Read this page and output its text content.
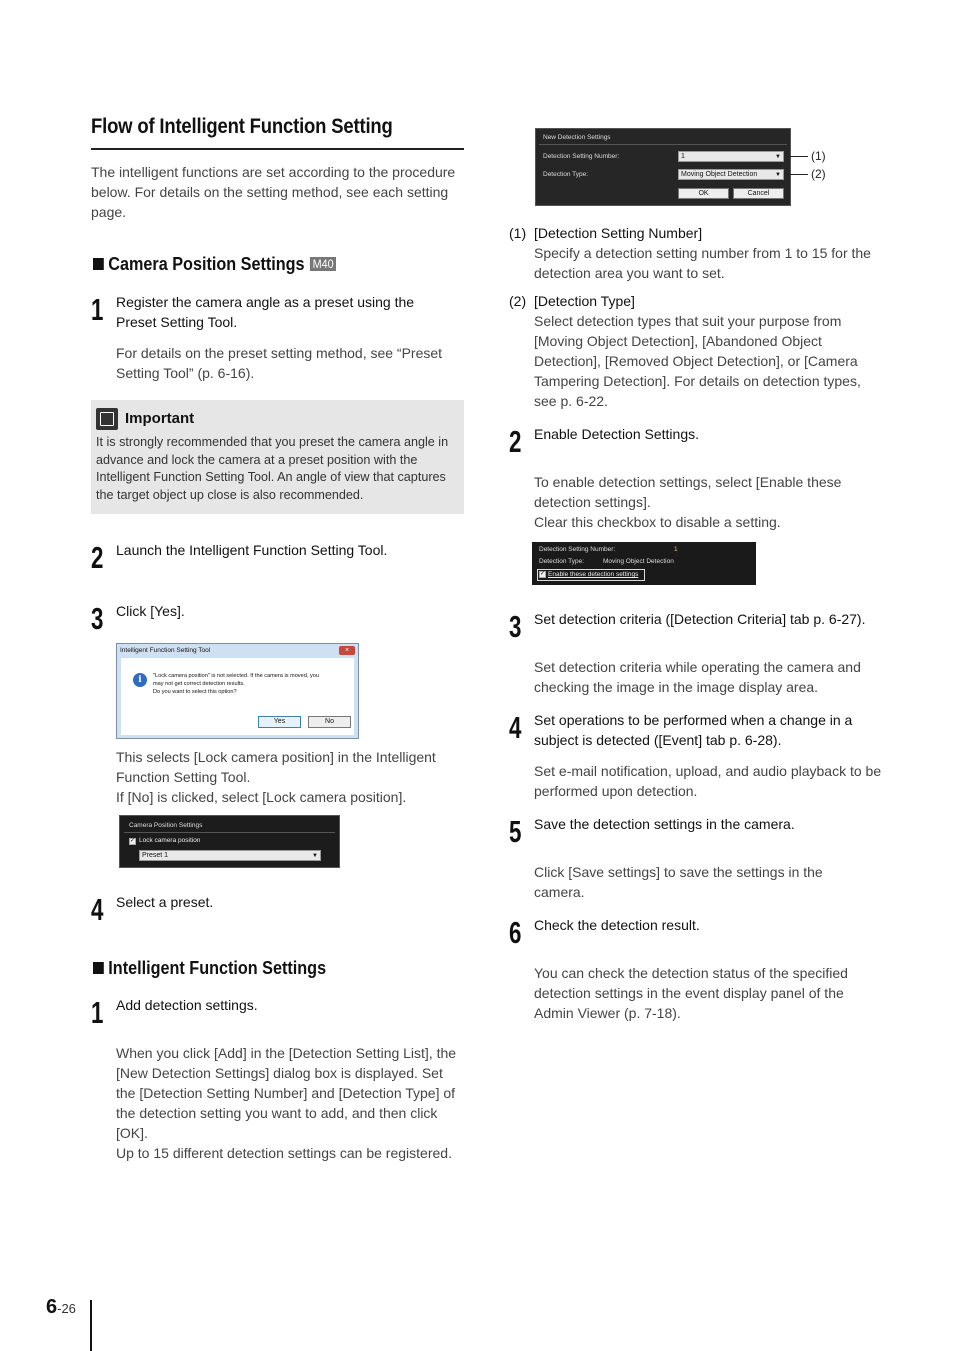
Flow of Intelligent Function Setting
The intelligent functions are set according to the procedure below. For details on the setting method, see each setting page.
Camera Position Settings M40
1 Register the camera angle as a preset using the Preset Setting Tool.
For details on the preset setting method, see “Preset Setting Tool” (p. 6-16).
Important
It is strongly recommended that you preset the camera angle in advance and lock the camera at a preset position with the Intelligent Function Setting Tool. An angle of view that captures the target object up close is also recommended.
2 Launch the Intelligent Function Setting Tool.
3 Click [Yes].
Intelligent Function Setting Tool	×
i	"Lock camera position" is not selected. If the camera is moved, you
may not get correct detection results.
Do you want to select this option?
Yes	No
This selects [Lock camera position] in the Intelligent Function Setting Tool.
If [No] is clicked, select [Lock camera position].
Camera Position Settings
✓ Lock camera position
Preset 1	▼
4 Select a preset.
Intelligent Function Settings
1 Add detection settings.
When you click [Add] in the [Detection Setting List], the [New Detection Settings] dialog box is displayed. Set the [Detection Setting Number] and [Detection Type] of the detection setting you want to add, and then click [OK].
Up to 15 different detection settings can be registered.
New Detection Settings
Detection Setting Number:	1	▼
Detection Type:	Moving Object Detection	▼
OK	Cancel
(1)
(2)
(1) [Detection Setting Number]
Specify a detection setting number from 1 to 15 for the detection area you want to set.
(2) [Detection Type]
Select detection types that suit your purpose from [Moving Object Detection], [Abandoned Object Detection], [Removed Object Detection], or [Camera Tampering Detection]. For details on detection types, see p. 6-22.
2 Enable Detection Settings.
To enable detection settings, select [Enable these detection settings].
Clear this checkbox to disable a setting.
Detection Setting Number:	1
Detection Type:	Moving Object Detection
✓ Enable these detection settings
3 Set detection criteria ([Detection Criteria] tab p. 6-27).
Set detection criteria while operating the camera and checking the image in the image display area.
4 Set operations to be performed when a change in a subject is detected ([Event] tab p. 6-28).
Set e-mail notification, upload, and audio playback to be performed upon detection.
5 Save the detection settings in the camera.
Click [Save settings] to save the settings in the camera.
6 Check the detection result.
You can check the detection status of the specified detection settings in the event display panel of the Admin Viewer (p. 7-18).
6-26
